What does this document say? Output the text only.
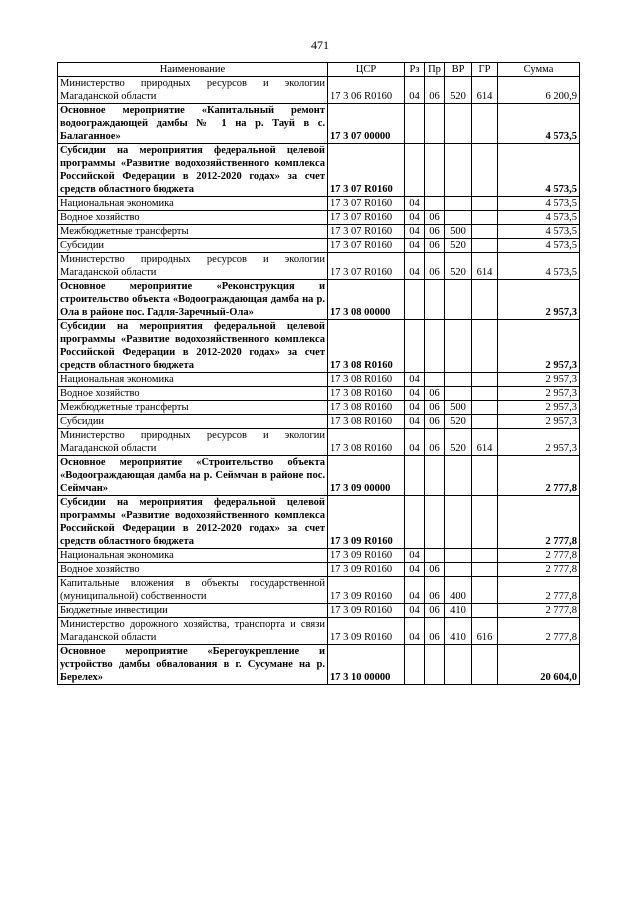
471
Наименование	ЦСР	Рз	Пр	ВР	ГР	Сумма
Министерство природных ресурсов и экологии Магаданской области	17 3 06 R0160	04	06	520	614	6 200,9
Основное мероприятие «Капитальный ремонт водоограждающей дамбы № 1 на р. Тауй в с. Балаганное»	17 3 07 00000					4 573,5
Субсидии на мероприятия федеральной целевой программы «Развитие водохозяйственного комплекса Российской Федерации в 2012-2020 годах» за счет средств областного бюджета	17 3 07 R0160					4 573,5
Национальная экономика	17 3 07 R0160	04				4 573,5
Водное хозяйство	17 3 07 R0160	04	06			4 573,5
Межбюджетные трансферты	17 3 07 R0160	04	06	500		4 573,5
Субсидии	17 3 07 R0160	04	06	520		4 573,5
Министерство природных ресурсов и экологии Магаданской области	17 3 07 R0160	04	06	520	614	4 573,5
Основное мероприятие «Реконструкция и строительство объекта «Водоограждающая дамба на р. Ола в районе пос. Гадля-Заречный-Ола»	17 3 08 00000					2 957,3
Субсидии на мероприятия федеральной целевой программы «Развитие водохозяйственного комплекса Российской Федерации в 2012-2020 годах» за счет средств областного бюджета	17 3 08 R0160					2 957,3
Национальная экономика	17 3 08 R0160	04				2 957,3
Водное хозяйство	17 3 08 R0160	04	06			2 957,3
Межбюджетные трансферты	17 3 08 R0160	04	06	500		2 957,3
Субсидии	17 3 08 R0160	04	06	520		2 957,3
Министерство природных ресурсов и экологии Магаданской области	17 3 08 R0160	04	06	520	614	2 957,3
Основное мероприятие «Строительство объекта «Водоограждающая дамба на р. Сеймчан в районе пос. Сеймчан»	17 3 09 00000					2 777,8
Субсидии на мероприятия федеральной целевой программы «Развитие водохозяйственного комплекса Российской Федерации в 2012-2020 годах» за счет средств областного бюджета	17 3 09 R0160					2 777,8
Национальная экономика	17 3 09 R0160	04				2 777,8
Водное хозяйство	17 3 09 R0160	04	06			2 777,8
Капитальные вложения в объекты государственной (муниципальной) собственности	17 3 09 R0160	04	06	400		2 777,8
Бюджетные инвестиции	17 3 09 R0160	04	06	410		2 777,8
Министерство дорожного хозяйства, транспорта и связи Магаданской области	17 3 09 R0160	04	06	410	616	2 777,8
Основное мероприятие «Берегоукрепление и устройство дамбы обвалования в г. Сусумане на р. Берелех»	17 3 10 00000					20 604,0
